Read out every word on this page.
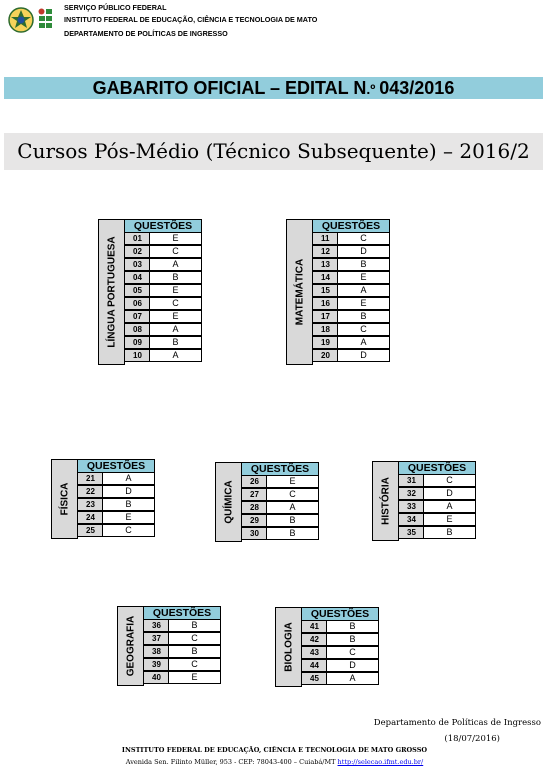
SERVIÇO PÚBLICO FEDERAL
INSTITUTO FEDERAL DE EDUCAÇÃO, CIÊNCIA E TECNOLOGIA DE MATO
DEPARTAMENTO DE POLÍTICAS DE INGRESSO
GABARITO OFICIAL – EDITAL N.º 043/2016
Cursos Pós-Médio (Técnico Subsequente) – 2016/2
LÍNGUA PORTUGUESA
QUESTÕES
01	E
02	C
03	A
04	B
05	E
06	C
07	E
08	A
09	B
10	A
MATEMÁTICA
QUESTÕES
11	C
12	D
13	B
14	E
15	A
16	E
17	B
18	C
19	A
20	D
FÍSICA
QUESTÕES
21	A
22	D
23	B
24	E
25	C
QUÍMICA
QUESTÕES
26	E
27	C
28	A
29	B
30	B
HISTÓRIA
QUESTÕES
31	C
32	D
33	A
34	E
35	B
GEOGRAFIA
QUESTÕES
36	B
37	C
38	B
39	C
40	E
BIOLOGIA
QUESTÕES
41	B
42	B
43	C
44	D
45	A
Departamento de Políticas de Ingresso
(18/07/2016)
INSTITUTO FEDERAL DE EDUCAÇÃO, CIÊNCIA E TECNOLOGIA DE MATO GROSSO
Avenida Sen. Filinto Müller, 953 - CEP: 78043-400 – Cuiabá/MT http://selecao.ifmt.edu.br/
